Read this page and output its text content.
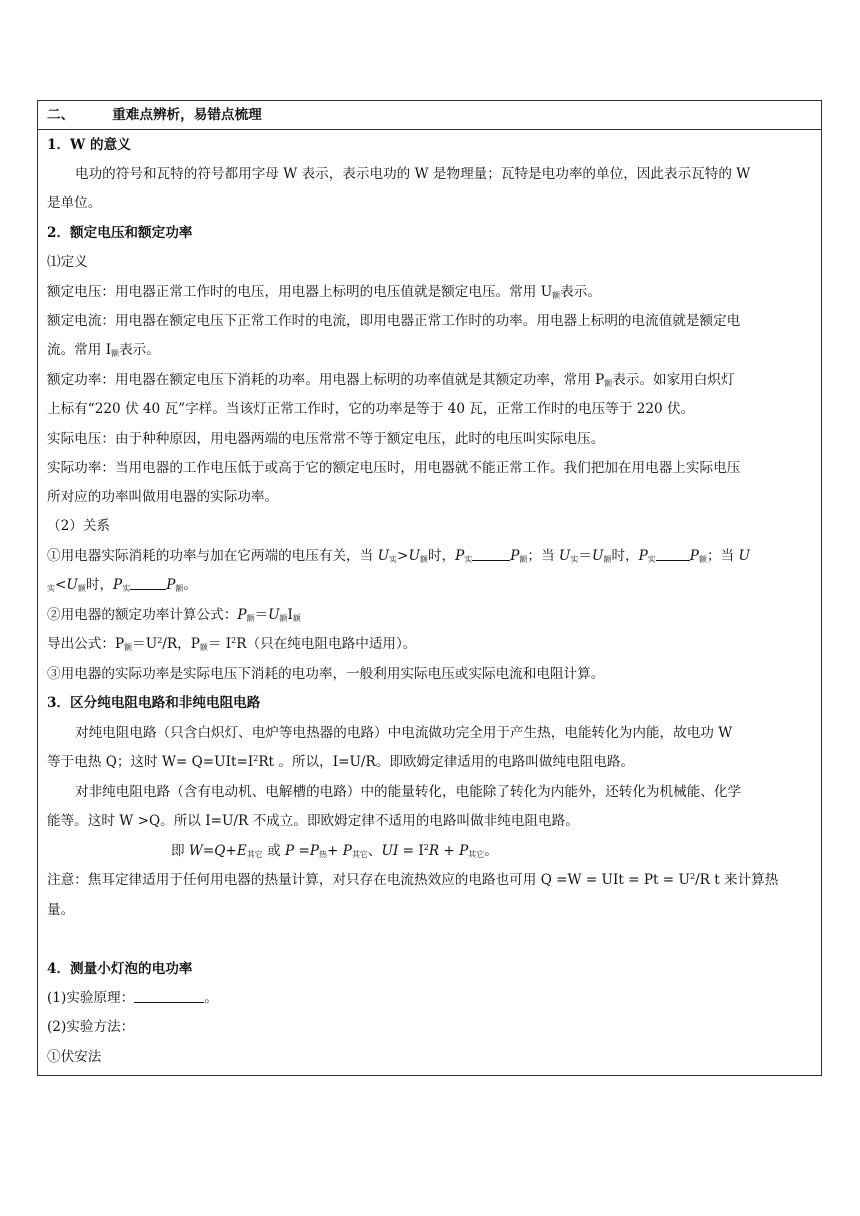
二、	重难点辨析，易错点梳理
1．W 的意义
电功的符号和瓦特的符号都用字母 W 表示，表示电功的 W 是物理量；瓦特是电功率的单位，因此表示瓦特的 W
是单位。
2．额定电压和额定功率
⑴定义
额定电压：用电器正常工作时的电压，用电器上标明的电压值就是额定电压。常用 $U_额$表示。
额定电流：用电器在额定电压下正常工作时的电流，即用电器正常工作时的功率。用电器上标明的电流值就是额定电
流。常用 $I_额$表示。
额定功率：用电器在额定电压下消耗的功率。用电器上标明的功率值就是其额定功率，常用 $P_额$表示。如家用白炽灯
上标有“220 伏 40 瓦”字样。当该灯正常工作时，它的功率是等于 40 瓦，正常工作时的电压等于 220 伏。
实际电压：由于种种原因，用电器两端的电压常常不等于额定电压，此时的电压叫实际电压。
实际功率：当用电器的工作电压低于或高于它的额定电压时，用电器就不能正常工作。我们把加在用电器上实际电压
所对应的功率叫做用电器的实际功率。
（2）关系
①用电器实际消耗的功率与加在它两端的电压有关，当 $U_实>U_额$时，$P_实$	$P_额$；当 $U_实=U_额$时，$P_实$	$P_额$；当 U
$_实<U_额$时，$P_实$	$P_额$。
②用电器的额定功率计算公式：$P_额=U_额I_额$
导出公式：$P_额=U^2/R$，$P_额= I^2R$（只在纯电阻电路中适用）。
③用电器的实际功率是实际电压下消耗的电功率，一般利用实际电压或实际电流和电阻计算。
3．区分纯电阻电路和非纯电阻电路
对纯电阻电路（只含白炽灯、电炉等电热器的电路）中电流做功完全用于产生热，电能转化为内能，故电功 W
等于电热 Q；这时 $W= Q=UIt=I^2Rt$ 。所以，I=U/R。即欧姆定律适用的电路叫做纯电阻电路。
对非纯电阻电路（含有电动机、电解槽的电路）中的能量转化，电能除了转化为内能外，还转化为机械能、化学
能等。这时 W >Q。所以 I=U/R 不成立。即欧姆定律不适用的电路叫做非纯电阻电路。
即 $W=Q+E_{其它}$ 或 $P =P_热+ P_{其它}$、UI = $I^2R + P_{其它}$。
注意：焦耳定律适用于任何用电器的热量计算，对只存在电流热效应的电路也可用 Q =W = UIt = $Pt = U^2/R$ t 来计算热
量。
4．测量小灯泡的电功率
(1)实验原理：	。
(2)实验方法：
①伏安法
